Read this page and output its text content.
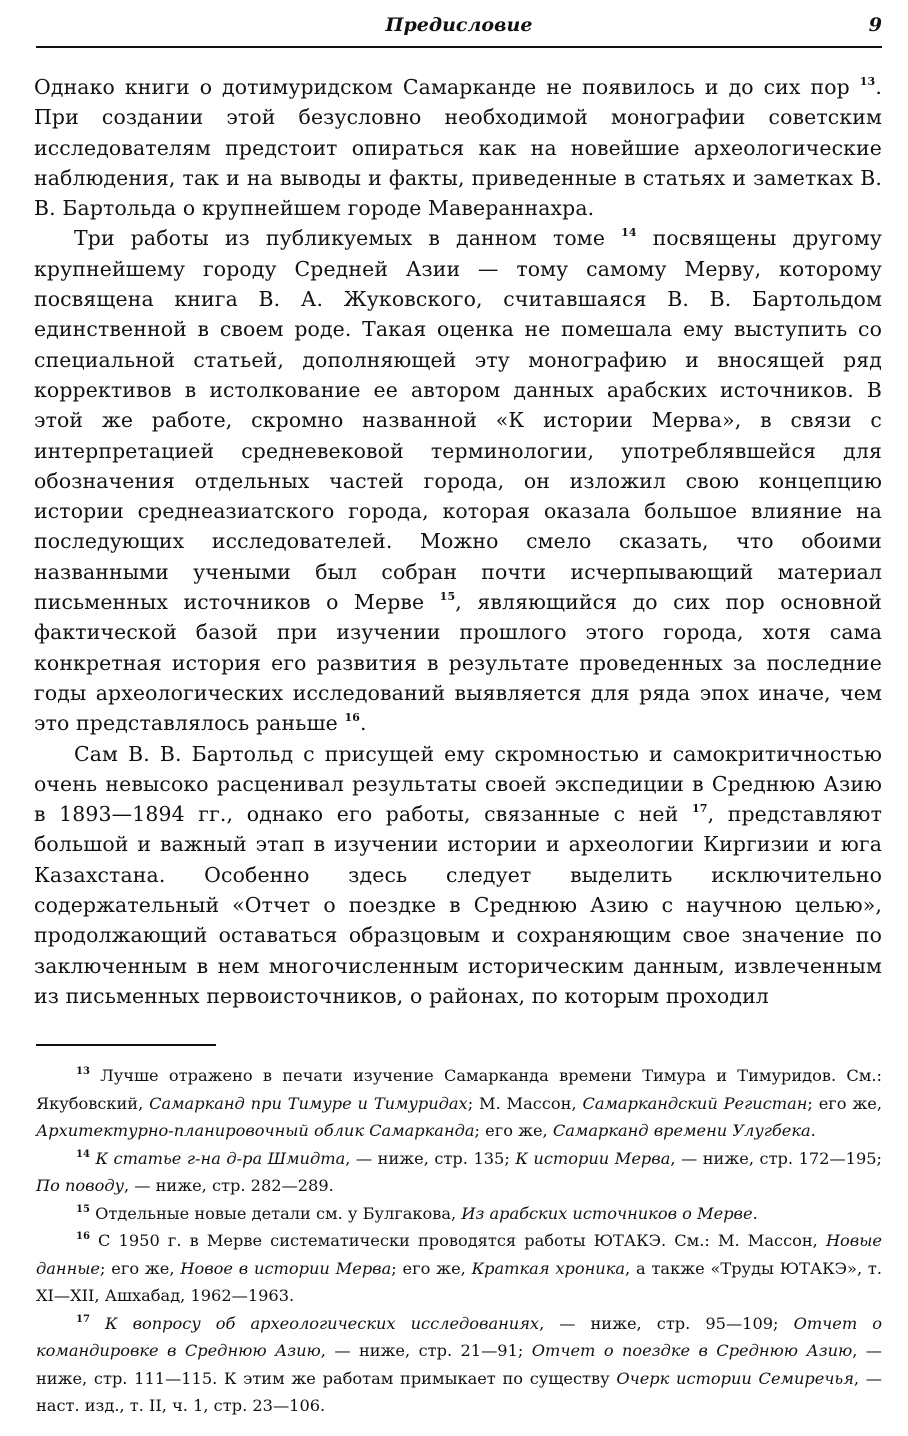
Предисловие	9

Однако книги о дотимуридском Самарканде не появилось и до сих пор $^{13}$. При создании этой безусловно необходимой монографии советским исследователям предстоит опираться как на новейшие археологические наблюдения, так и на выводы и факты, приведенные в статьях и заметках В. В. Бартольда о крупнейшем городе Мавераннахра.

Три работы из публикуемых в данном томе $^{14}$ посвящены другому крупнейшему городу Средней Азии — тому самому Мерву, которому посвящена книга В. А. Жуковского, считавшаяся В. В. Бартольдом единственной в своем роде. Такая оценка не помешала ему выступить со специальной статьей, дополняющей эту монографию и вносящей ряд коррективов в истолкование ее автором данных арабских источников. В этой же работе, скромно названной «К истории Мерва», в связи с интерпретацией средневековой терминологии, употреблявшейся для обозначения отдельных частей города, он изложил свою концепцию истории среднеазиатского города, которая оказала большое влияние на последующих исследователей. Можно смело сказать, что обоими названными учеными был собран почти исчерпывающий материал письменных источников о Мерве $^{15}$, являющийся до сих пор основной фактической базой при изучении прошлого этого города, хотя сама конкретная история его развития в результате проведенных за последние годы археологических исследований выявляется для ряда эпох иначе, чем это представлялось раньше $^{16}$.

Сам В. В. Бартольд с присущей ему скромностью и самокритичностью очень невысоко расценивал результаты своей экспедиции в Среднюю Азию в 1893—1894 гг., однако его работы, связанные с ней $^{17}$, представляют большой и важный этап в изучении истории и археологии Киргизии и юга Казахстана. Особенно здесь следует выделить исключительно содержательный «Отчет о поездке в Среднюю Азию с научною целью», продолжающий оставаться образцовым и сохраняющим свое значение по заключенным в нем многочисленным историческим данным, извлеченным из письменных первоисточников, о районах, по которым проходил

$^{13}$ Лучше отражено в печати изучение Самарканда времени Тимура и Тимуридов. См.: Якубовский, Самарканд при Тимуре и Тимуридах; М. Массон, Самаркандский Регистан; его же, Архитектурно-планировочный облик Самарканда; его же, Самарканд времени Улугбека.

$^{14}$ К статье г-на д-ра Шмидта, — ниже, стр. 135; К истории Мерва, — ниже, стр. 172—195; По поводу, — ниже, стр. 282—289.

$^{15}$ Отдельные новые детали см. у Булгакова, Из арабских источников о Мерве.

$^{16}$ С 1950 г. в Мерве систематически проводятся работы ЮТАКЭ. См.: М. Массон, Новые данные; его же, Новое в истории Мерва; его же, Краткая хроника, а также «Труды ЮТАКЭ», т. XI—XII, Ашхабад, 1962—1963.

$^{17}$ К вопросу об археологических исследованиях, — ниже, стр. 95—109; Отчет о командировке в Среднюю Азию, — ниже, стр. 21—91; Отчет о поездке в Среднюю Азию, — ниже, стр. 111—115. К этим же работам примыкает по существу Очерк истории Семиречья, — наст. изд., т. II, ч. 1, стр. 23—106.
